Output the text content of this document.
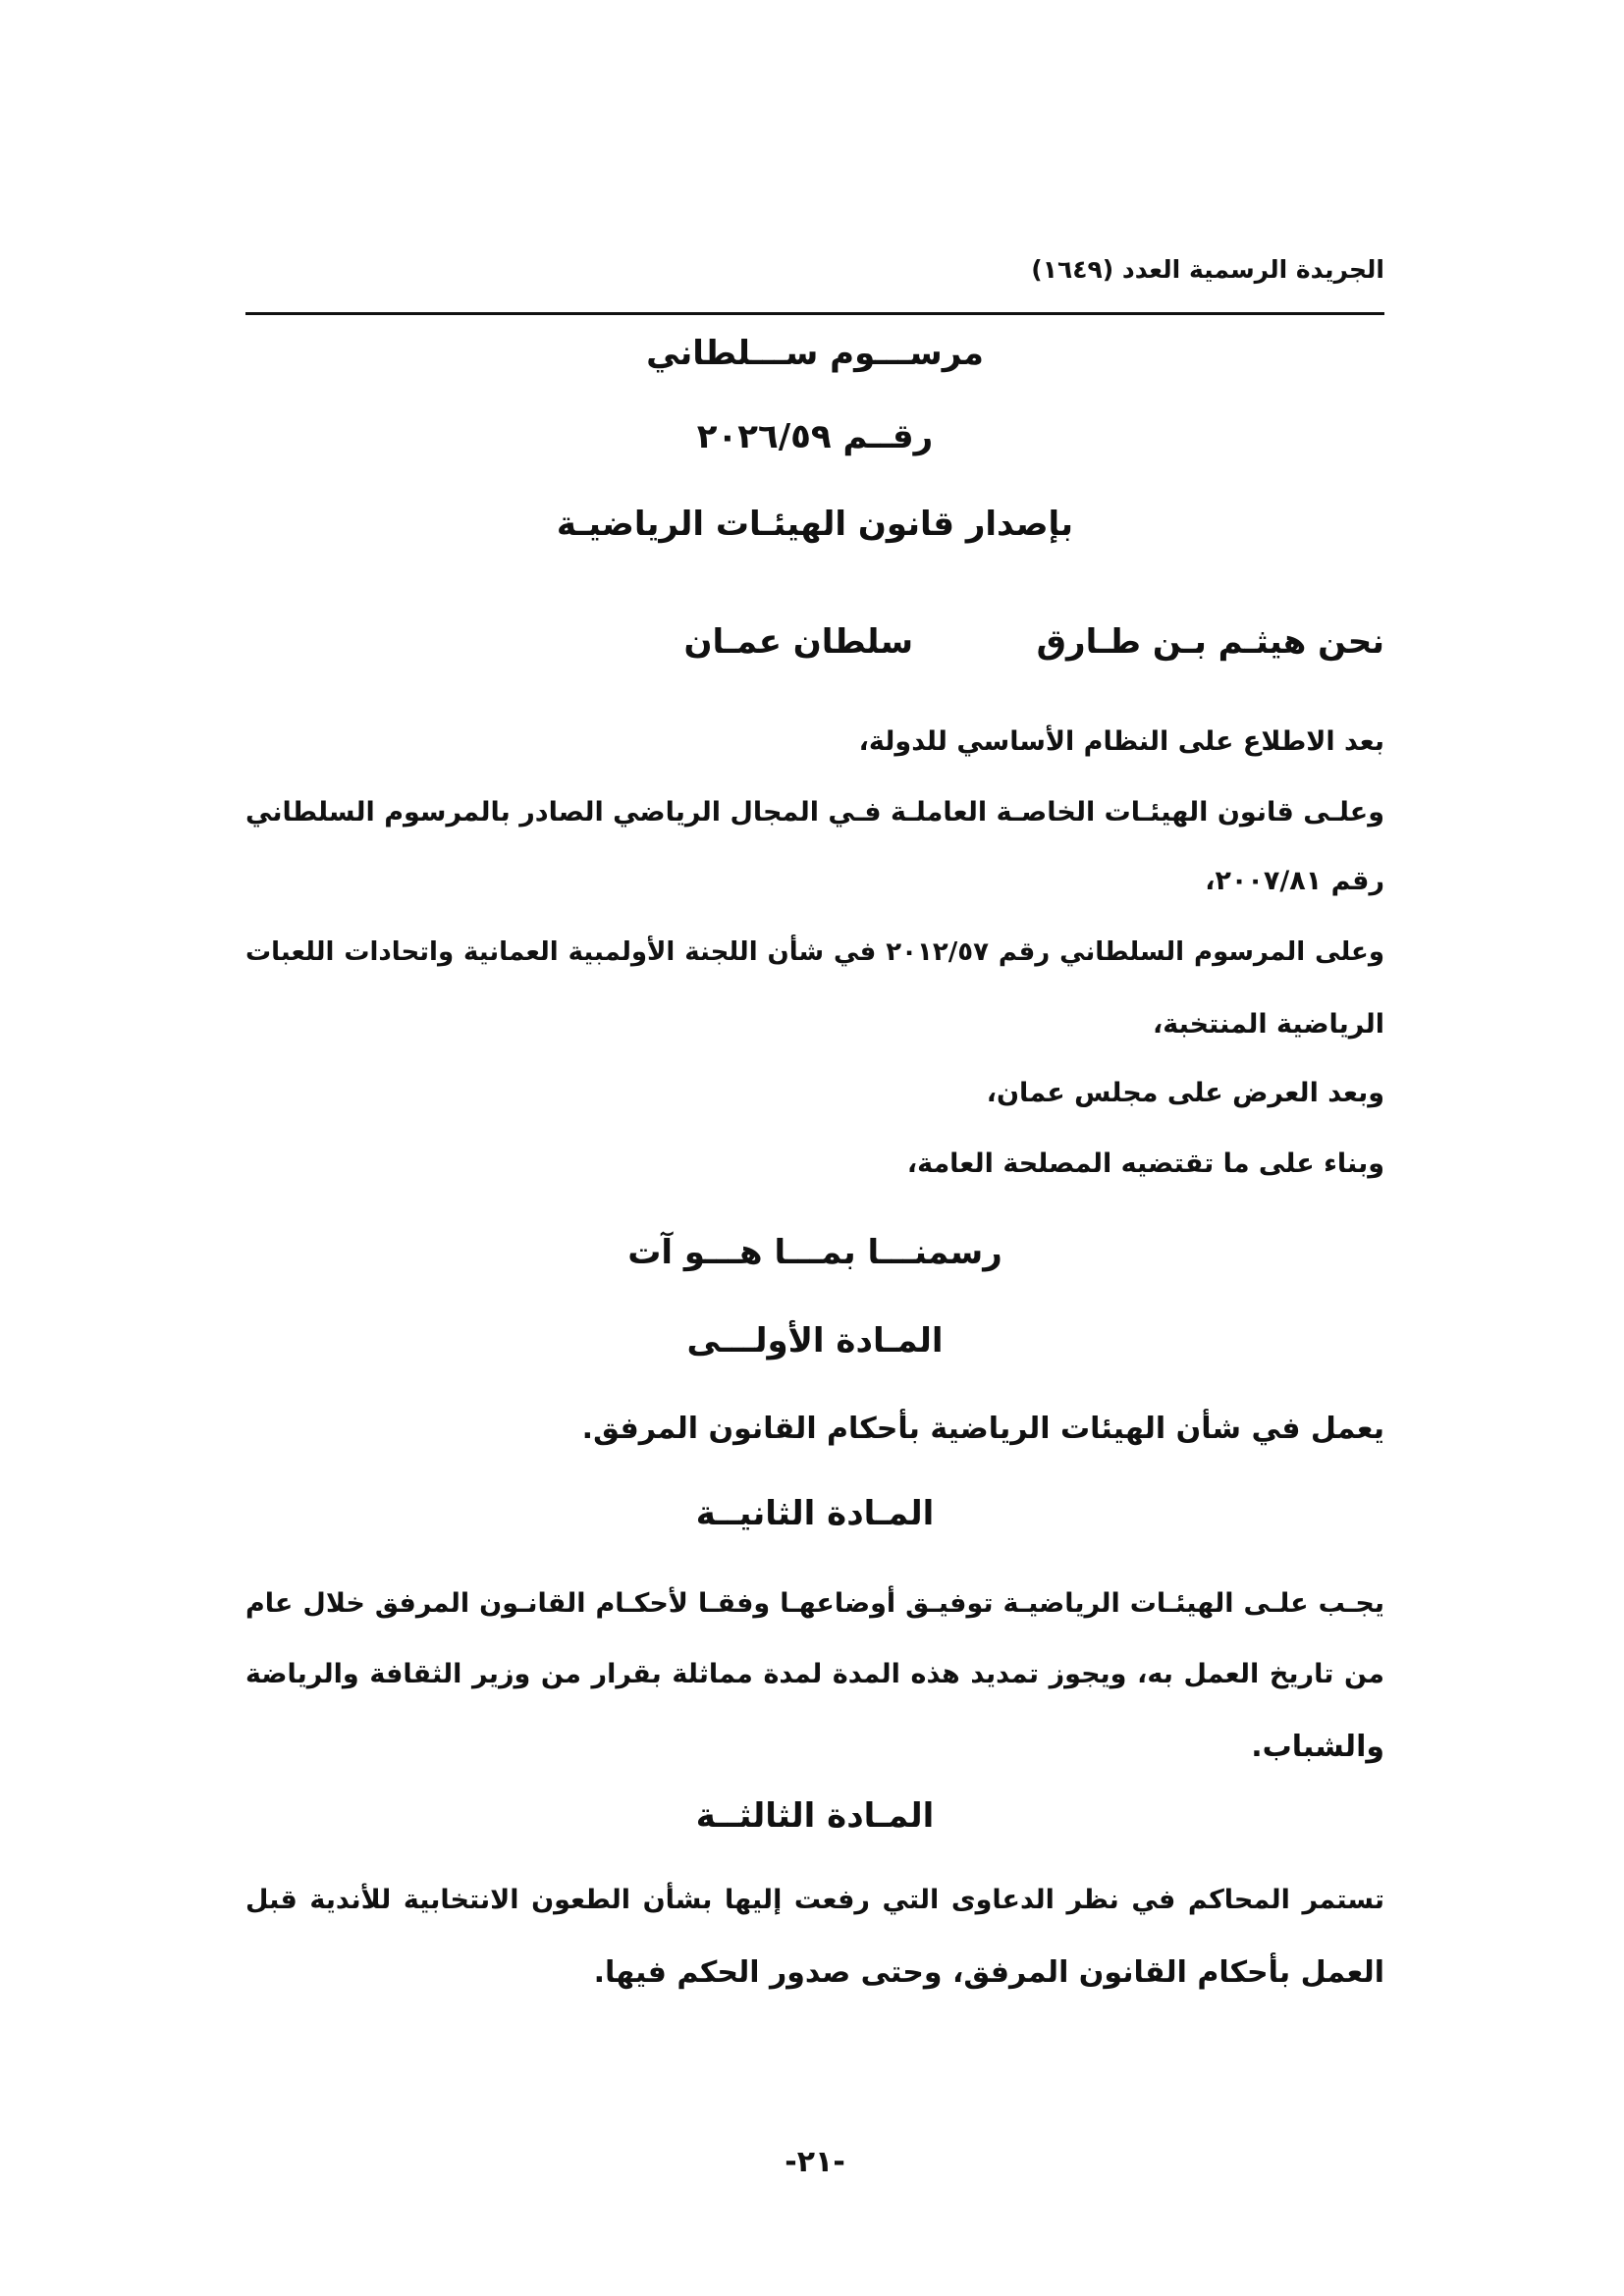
الجريدة الرسمية العدد (١٦٤٩)
مرســـوم ســـلطاني
رقــم ٢٠٢٦/٥٩
بإصدار قانون الهيئـات الرياضيـة
نحن هيثـم بـن طـارق
سلطان عمـان
بعد الاطلاع على النظام الأساسي للدولة،
وعلـى قانون الهيئـات الخاصـة العاملـة فـي المجال الرياضي الصادر بالمرسوم السلطاني
رقم ٢٠٠٧/٨١،
وعلى المرسوم السلطاني رقم ٢٠١٢/٥٧ في شأن اللجنة الأولمبية العمانية واتحادات اللعبات
الرياضية المنتخبة،
وبعد العرض على مجلس عمان،
وبناء على ما تقتضيه المصلحة العامة،
رسمنـــا بمـــا هـــو آت
المـادة الأولـــى
يعمل في شأن الهيئات الرياضية بأحكام القانون المرفق.
المـادة الثانيــة
يجـب علـى الهيئـات الرياضيـة توفيـق أوضاعهـا وفقـا لأحكـام القانـون المرفق خلال عام
من تاريخ العمل به، ويجوز تمديد هذه المدة لمدة مماثلة بقرار من وزير الثقافة والرياضة
والشباب.
المـادة الثالثــة
تستمر المحاكم في نظر الدعاوى التي رفعت إليها بشأن الطعون الانتخابية للأندية قبل
العمل بأحكام القانون المرفق، وحتى صدور الحكم فيها.
-٢١-
